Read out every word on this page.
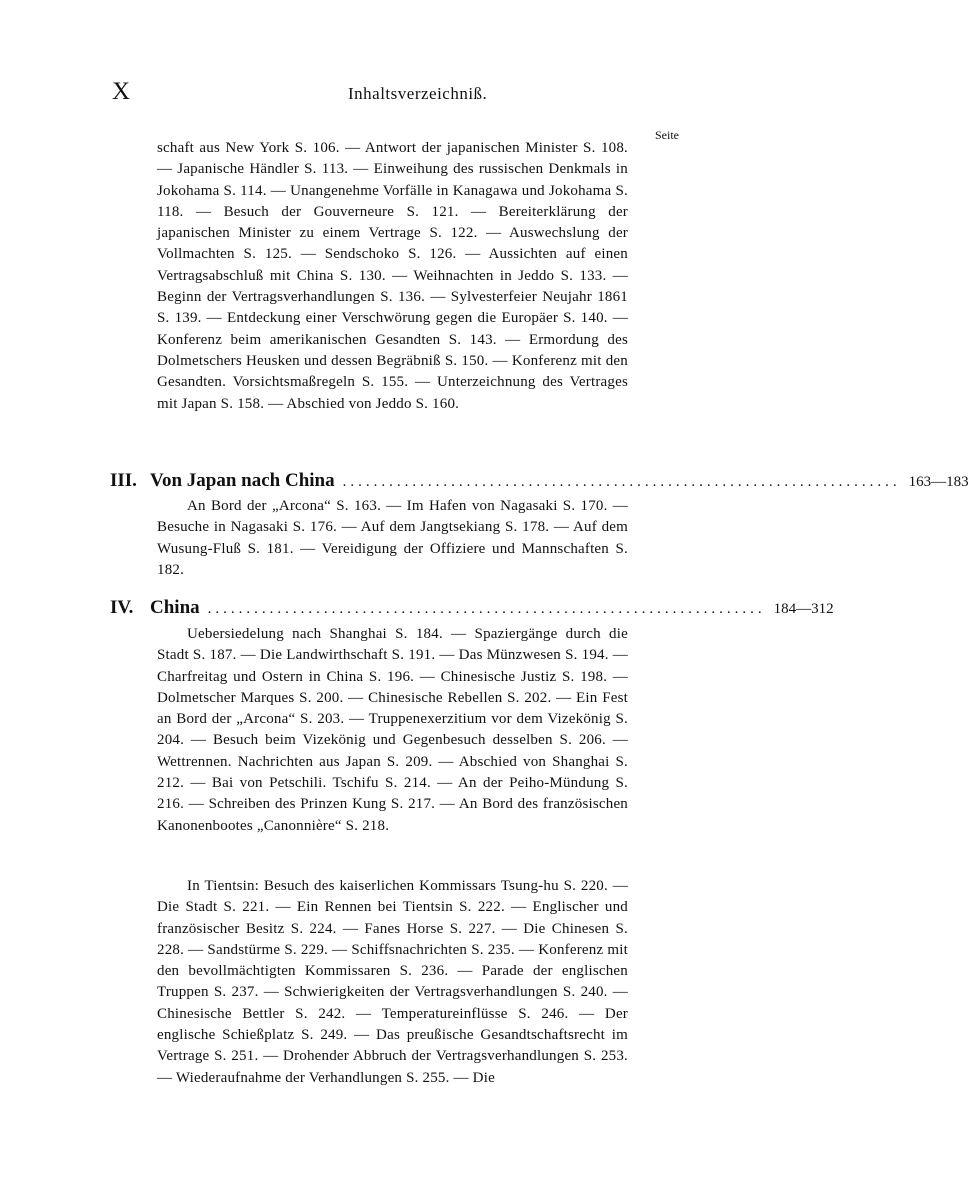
X	Inhaltsverzeichniß.
Seite
schaft aus New York S. 106. — Antwort der japanischen Minister S. 108. — Japanische Händler S. 113. — Einweihung des russischen Denkmals in Jokohama S. 114. — Unangenehme Vorfälle in Kanagawa und Jokohama S. 118. — Besuch der Gouverneure S. 121. — Bereiterklärung der japanischen Minister zu einem Vertrage S. 122. — Auswechslung der Vollmachten S. 125. — Sendschoko S. 126. — Aussichten auf einen Vertragsabschluß mit China S. 130. — Weihnachten in Jeddo S. 133. — Beginn der Vertragsverhandlungen S. 136. — Sylvesterfeier Neujahr 1861 S. 139. — Entdeckung einer Verschwörung gegen die Europäer S. 140. — Konferenz beim amerikanischen Gesandten S. 143. — Ermordung des Dolmetschers Heusken und dessen Begräbniß S. 150. — Konferenz mit den Gesandten. Vorsichtsmaßregeln S. 155. — Unterzeichnung des Vertrages mit Japan S. 158. — Abschied von Jeddo S. 160.
III. Von Japan nach China ........................................................................ 163—183
An Bord der „Arcona“ S. 163. — Im Hafen von Nagasaki S. 170. — Besuche in Nagasaki S. 176. — Auf dem Jangtsekiang S. 178. — Auf dem Wusung-Fluß S. 181. — Vereidigung der Offiziere und Mannschaften S. 182.
IV. China ........................................................................ 184—312
Uebersiedelung nach Shanghai S. 184. — Spaziergänge durch die Stadt S. 187. — Die Landwirthschaft S. 191. — Das Münzwesen S. 194. — Charfreitag und Ostern in China S. 196. — Chinesische Justiz S. 198. — Dolmetscher Marques S. 200. — Chinesische Rebellen S. 202. — Ein Fest an Bord der „Arcona“ S. 203. — Truppenexerzitium vor dem Vizekönig S. 204. — Besuch beim Vizekönig und Gegenbesuch desselben S. 206. — Wettrennen. Nachrichten aus Japan S. 209. — Abschied von Shanghai S. 212. — Bai von Petschili. Tschifu S. 214. — An der Peiho-Mündung S. 216. — Schreiben des Prinzen Kung S. 217. — An Bord des französischen Kanonenbootes „Canonnière“ S. 218.
In Tientsin: Besuch des kaiserlichen Kommissars Tsung-hu S. 220. — Die Stadt S. 221. — Ein Rennen bei Tientsin S. 222. — Englischer und französischer Besitz S. 224. — Fanes Horse S. 227. — Die Chinesen S. 228. — Sandstürme S. 229. — Schiffsnachrichten S. 235. — Konferenz mit den bevollmächtigten Kommissaren S. 236. — Parade der englischen Truppen S. 237. — Schwierigkeiten der Vertragsverhandlungen S. 240. — Chinesische Bettler S. 242. — Temperatureinflüsse S. 246. — Der englische Schießplatz S. 249. — Das preußische Gesandtschaftsrecht im Vertrage S. 251. — Drohender Abbruch der Vertragsverhandlungen S. 253. — Wiederaufnahme der Verhandlungen S. 255. — Die
